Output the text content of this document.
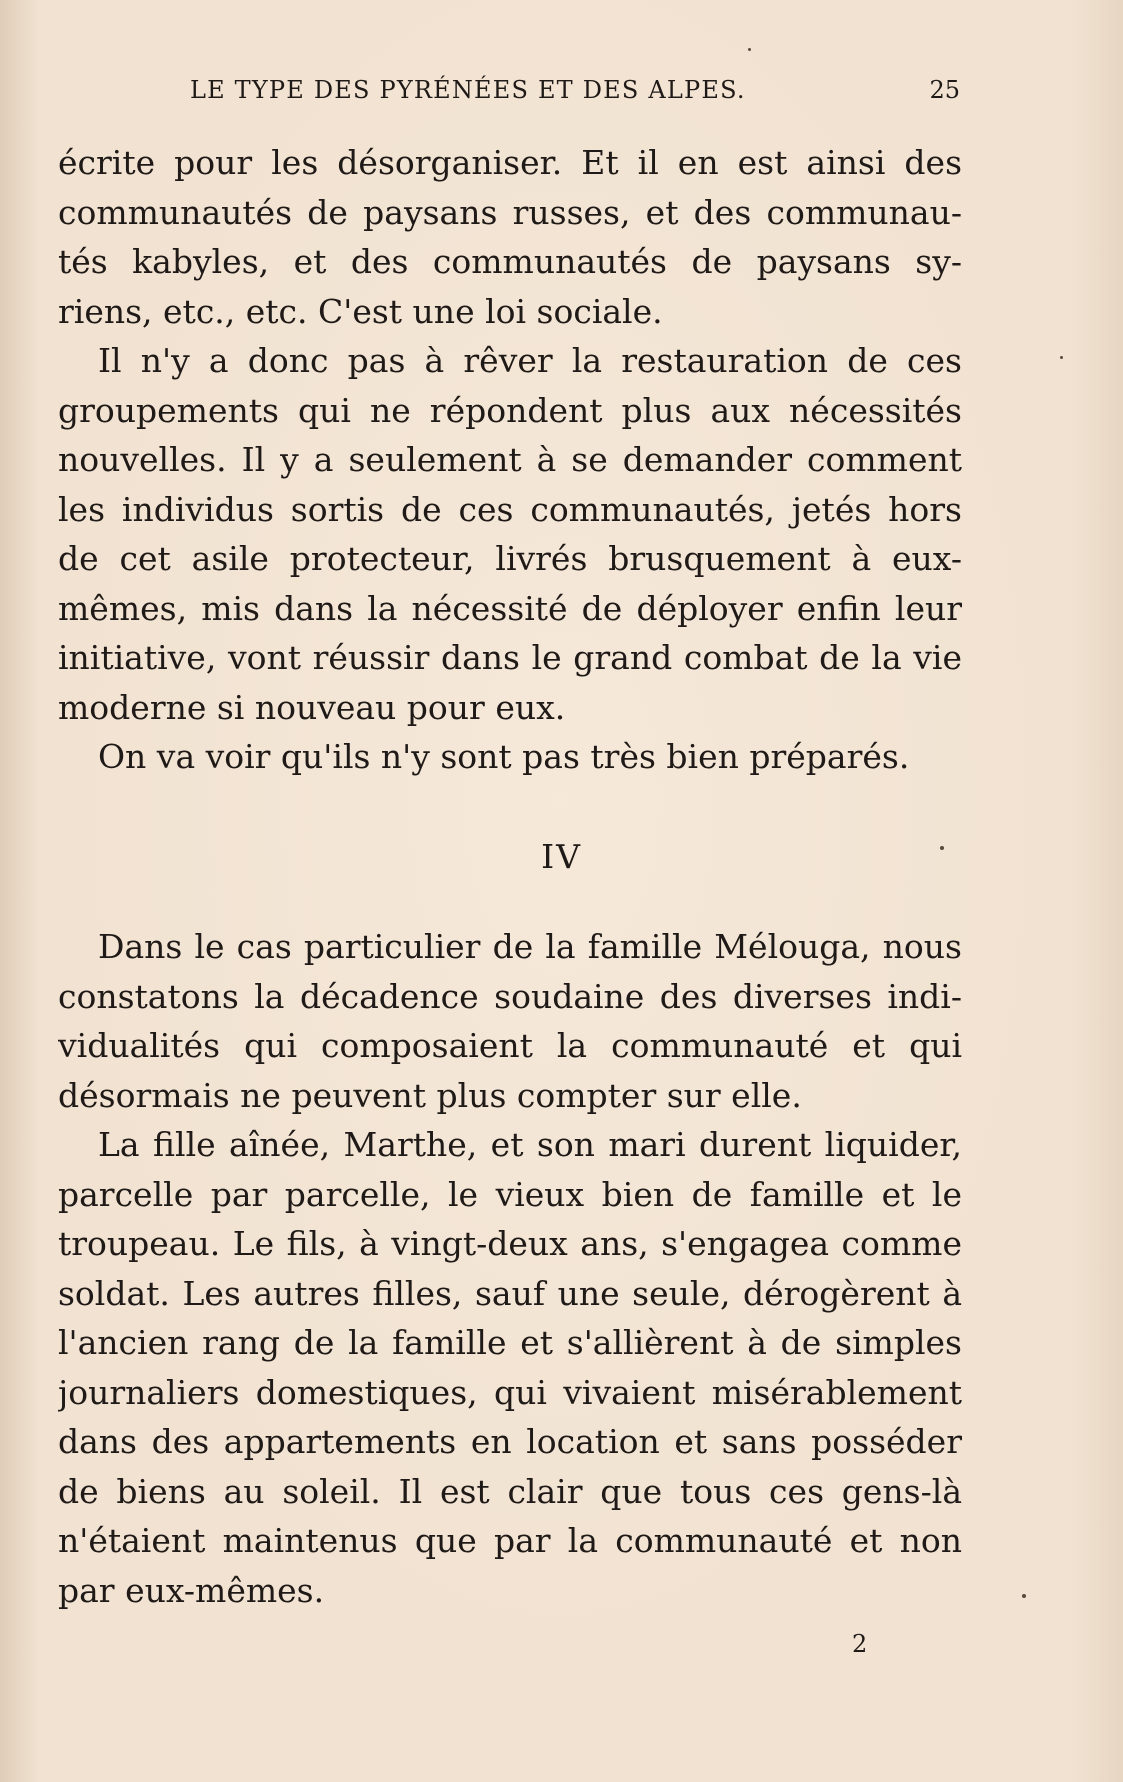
LE TYPE DES PYRÉNÉES ET DES ALPES.	25
écrite pour les désorganiser. Et il en est ainsi des
communautés de paysans russes, et des communau-
tés kabyles, et des communautés de paysans sy-
riens, etc., etc. C'est une loi sociale.
Il n'y a donc pas à rêver la restauration de ces
groupements qui ne répondent plus aux nécessités
nouvelles. Il y a seulement à se demander comment
les individus sortis de ces communautés, jetés hors
de cet asile protecteur, livrés brusquement à eux-
mêmes, mis dans la nécessité de déployer enfin leur
initiative, vont réussir dans le grand combat de la vie
moderne si nouveau pour eux.
On va voir qu'ils n'y sont pas très bien préparés.
IV
Dans le cas particulier de la famille Mélouga, nous
constatons la décadence soudaine des diverses indi-
vidualités qui composaient la communauté et qui
désormais ne peuvent plus compter sur elle.
La fille aînée, Marthe, et son mari durent liquider,
parcelle par parcelle, le vieux bien de famille et le
troupeau. Le fils, à vingt-deux ans, s'engagea comme
soldat. Les autres filles, sauf une seule, dérogèrent à
l'ancien rang de la famille et s'allièrent à de simples
journaliers domestiques, qui vivaient misérablement
dans des appartements en location et sans posséder
de biens au soleil. Il est clair que tous ces gens-là
n'étaient maintenus que par la communauté et non
par eux-mêmes.
2
